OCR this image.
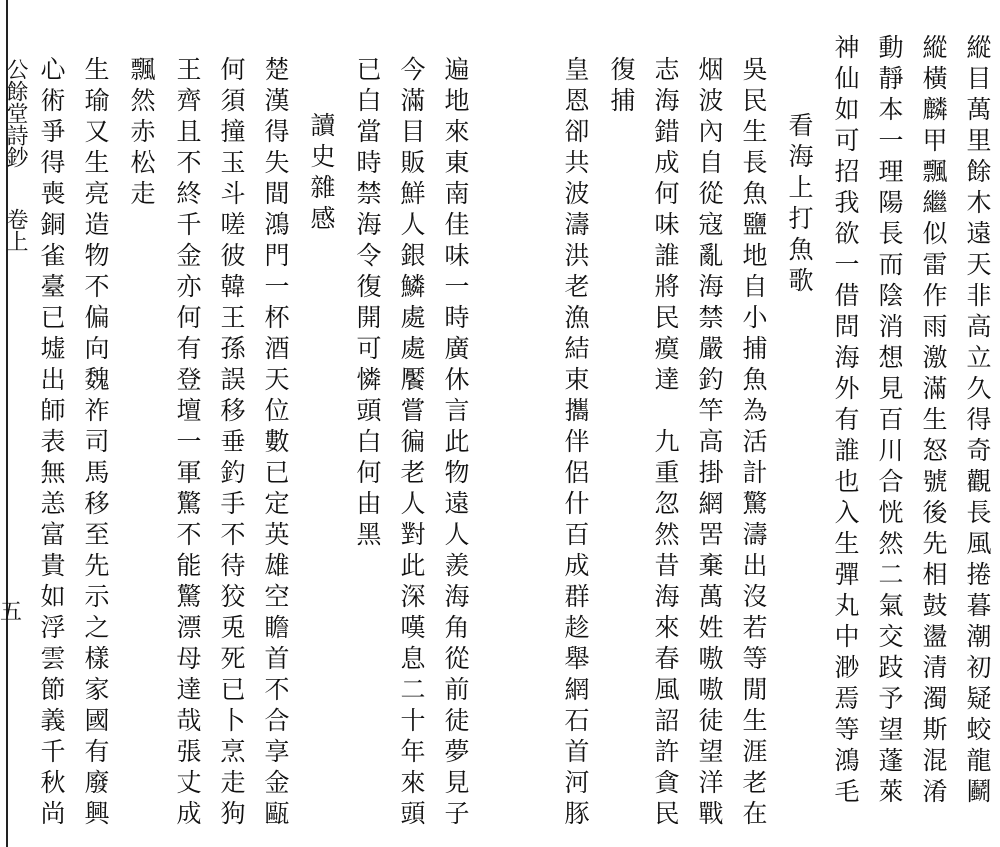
公餘堂詩鈔
卷上
五	縱目萬里餘木遠天非高立久得奇觀長風捲暮潮初疑蛟龍鬬
縱橫麟甲飄繼似雷作雨激滿生怒號後先相鼓盪清濁斯混淆
動靜本一理陽長而陰消想見百川合恍然二氣交跂予望蓬萊
神仙如可招我欲一借問海外有誰也入生彈丸中渺焉等鴻毛
看海上打魚歌
吳民生長魚鹽地自小捕魚為活計驚濤出沒若等閒生涯老在
烟波內自從寇亂海禁嚴釣竿高掛網罟棄萬姓嗷嗷徒望洋戰
志海錯成何味誰將民瘼達　九重忽然昔海來春風詔許貪民
復捕
皇恩卻共波濤洪老漁結束攜伴侶什百成群趁舉網石首河豚
遍地來東南佳味一時廣休言此物遠人羨海角從前徒夢見子
今滿目販鮮人銀鱗處處饜嘗徧老人對此深嘆息二十年來頭
已白當時禁海令復開可憐頭白何由黑
讀史雜感
楚漢得失間鴻門一杯酒天位數已定英雄空瞻首不合享金甌
何須撞玉斗嗟彼韓王孫誤移垂釣手不待狡兎死已卜烹走狗
王齊且不終千金亦何有登壇一軍驚不能驚漂母達哉張丈成
飄然赤松走
生瑜又生亮造物不偏向魏祚司馬移至先示之樣家國有廢興
心術爭得喪銅雀臺已墟出師表無恙富貴如浮雲節義千秋尚
